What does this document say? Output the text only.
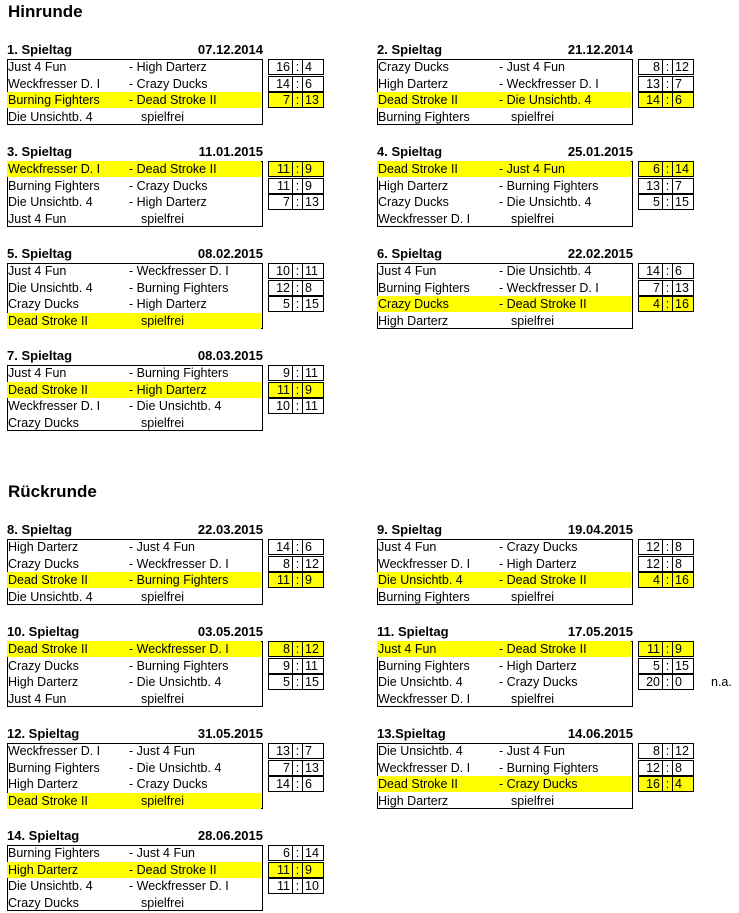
Hinrunde
Rückrunde
1. Spieltag	07.12.2014
Just 4 Fun	- High Darterz	16 : 4
Weckfresser D. I - Crazy Ducks	14 : 6
Burning Fighters - Dead Stroke II	7 : 13
Die Unsichtb. 4	spielfrei
2. Spieltag	21.12.2014
Crazy Ducks	- Just 4 Fun	8 : 12
High Darterz	- Weckfresser D. I	13 : 7
Dead Stroke II	- Die Unsichtb. 4	14 : 6
Burning Fighters	spielfrei
3. Spieltag	11.01.2015
Weckfresser D. I - Dead Stroke II	11 : 9
Burning Fighters - Crazy Ducks	11 : 9
Die Unsichtb. 4	- High Darterz	7 : 13
Just 4 Fun	spielfrei
4. Spieltag	25.01.2015
Dead Stroke II	- Just 4 Fun	6 : 14
High Darterz	- Burning Fighters	13 : 7
Crazy Ducks	- Die Unsichtb. 4	5 : 15
Weckfresser D. I	spielfrei
5. Spieltag	08.02.2015
Just 4 Fun	- Weckfresser D. I	10 : 11
Die Unsichtb. 4	- Burning Fighters	12 : 8
Crazy Ducks	- High Darterz	5 : 15
Dead Stroke II	spielfrei
6. Spieltag	22.02.2015
Just 4 Fun	- Die Unsichtb. 4	14 : 6
Burning Fighters - Weckfresser D. I	7 : 13
Crazy Ducks	- Dead Stroke II	4 : 16
High Darterz	spielfrei
7. Spieltag	08.03.2015
Just 4 Fun	- Burning Fighters	9 : 11
Dead Stroke II	- High Darterz	11 : 9
Weckfresser D. I - Die Unsichtb. 4	10 : 11
Crazy Ducks	spielfrei
8. Spieltag	22.03.2015
High Darterz	- Just 4 Fun	14 : 6
Crazy Ducks	- Weckfresser D. I	8 : 12
Dead Stroke II	- Burning Fighters	11 : 9
Die Unsichtb. 4	spielfrei
9. Spieltag	19.04.2015
Just 4 Fun	- Crazy Ducks	12 : 8
Weckfresser D. I - High Darterz	12 : 8
Die Unsichtb. 4	- Dead Stroke II	4 : 16
Burning Fighters	spielfrei
10. Spieltag	03.05.2015
Dead Stroke II	- Weckfresser D. I	8 : 12
Crazy Ducks	- Burning Fighters	9 : 11
High Darterz	- Die Unsichtb. 4	5 : 15
Just 4 Fun	spielfrei
11. Spieltag	17.05.2015
Just 4 Fun	- Dead Stroke II	11 : 9
Burning Fighters - High Darterz	5 : 15
Die Unsichtb. 4	- Crazy Ducks	20 : 0	n.a.
Weckfresser D. I	spielfrei
12. Spieltag	31.05.2015
Weckfresser D. I - Just 4 Fun	13 : 7
Burning Fighters - Die Unsichtb. 4	7 : 13
High Darterz	- Crazy Ducks	14 : 6
Dead Stroke II	spielfrei
13.Spieltag	14.06.2015
Die Unsichtb. 4	- Just 4 Fun	8 : 12
Weckfresser D. I - Burning Fighters	12 : 8
Dead Stroke II	- Crazy Ducks	16 : 4
High Darterz	spielfrei
14. Spieltag	28.06.2015
Burning Fighters - Just 4 Fun	6 : 14
High Darterz	- Dead Stroke II	11 : 9
Die Unsichtb. 4	- Weckfresser D. I	11 : 10
Crazy Ducks	spielfrei
